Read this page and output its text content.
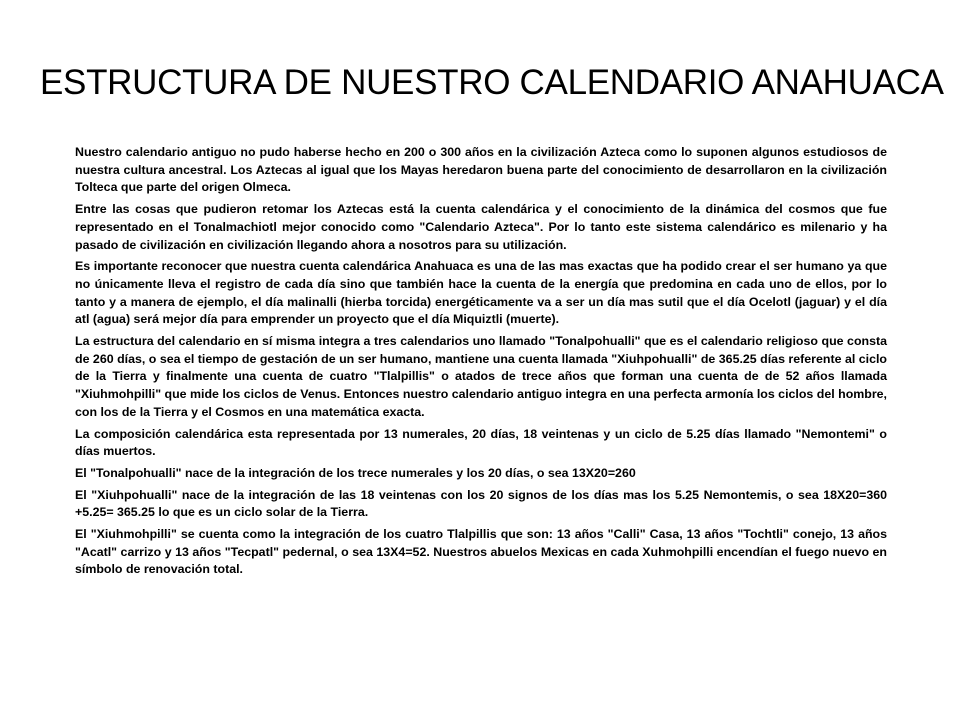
ESTRUCTURA DE NUESTRO CALENDARIO ANAHUACA

Nuestro calendario antiguo no pudo haberse hecho en 200 o 300 años en la civilización Azteca como lo suponen algunos estudiosos de nuestra cultura ancestral. Los Aztecas al igual que los Mayas heredaron buena parte del conocimiento de desarrollaron en la civilización Tolteca que parte del origen Olmeca.

Entre las cosas que pudieron retomar los Aztecas está la cuenta calendárica y el conocimiento de la dinámica del cosmos que fue representado en el Tonalmachiotl mejor conocido como "Calendario Azteca". Por lo tanto este sistema calendárico es milenario y ha pasado de civilización en civilización llegando ahora a nosotros para su utilización.

Es importante reconocer que nuestra cuenta calendárica Anahuaca es una de las mas exactas que ha podido crear el ser humano ya que no únicamente lleva el registro de cada día sino que también hace la cuenta de la energía que predomina en cada uno de ellos, por lo tanto y a manera de ejemplo, el día malinalli (hierba torcida) energéticamente va a ser un día mas sutil que el día Ocelotl (jaguar) y el día atl (agua) será mejor día para emprender un proyecto que el día Miquiztli (muerte).

La estructura del calendario en sí misma integra a tres calendarios uno llamado "Tonalpohualli" que es el calendario religioso que consta de 260 días, o sea el tiempo de gestación de un ser humano, mantiene una cuenta llamada "Xiuhpohualli" de 365.25 días referente al ciclo de la Tierra y finalmente una cuenta de cuatro "Tlalpillis" o atados de trece años que forman una cuenta de de 52 años llamada "Xiuhmohpilli" que mide los ciclos de Venus. Entonces nuestro calendario antiguo integra en una perfecta armonía los ciclos del hombre, con los de la Tierra y el Cosmos en una matemática exacta.

La composición calendárica esta representada por 13 numerales, 20 días, 18 veintenas y un ciclo de 5.25 días llamado "Nemontemi" o días muertos.

El "Tonalpohualli" nace de la integración de los trece numerales y los 20 días, o sea 13X20=260

El "Xiuhpohualli" nace de la integración de las 18 veintenas con los 20 signos de los días mas los 5.25 Nemontemis, o sea 18X20=360 +5.25= 365.25 lo que es un ciclo solar de la Tierra.

El "Xiuhmohpilli" se cuenta como la integración de los cuatro Tlalpillis que son: 13 años "Calli" Casa, 13 años "Tochtli" conejo, 13 años "Acatl" carrizo y 13 años "Tecpatl" pedernal, o sea 13X4=52. Nuestros abuelos Mexicas en cada Xuhmohpilli encendían el fuego nuevo en símbolo de renovación total.
